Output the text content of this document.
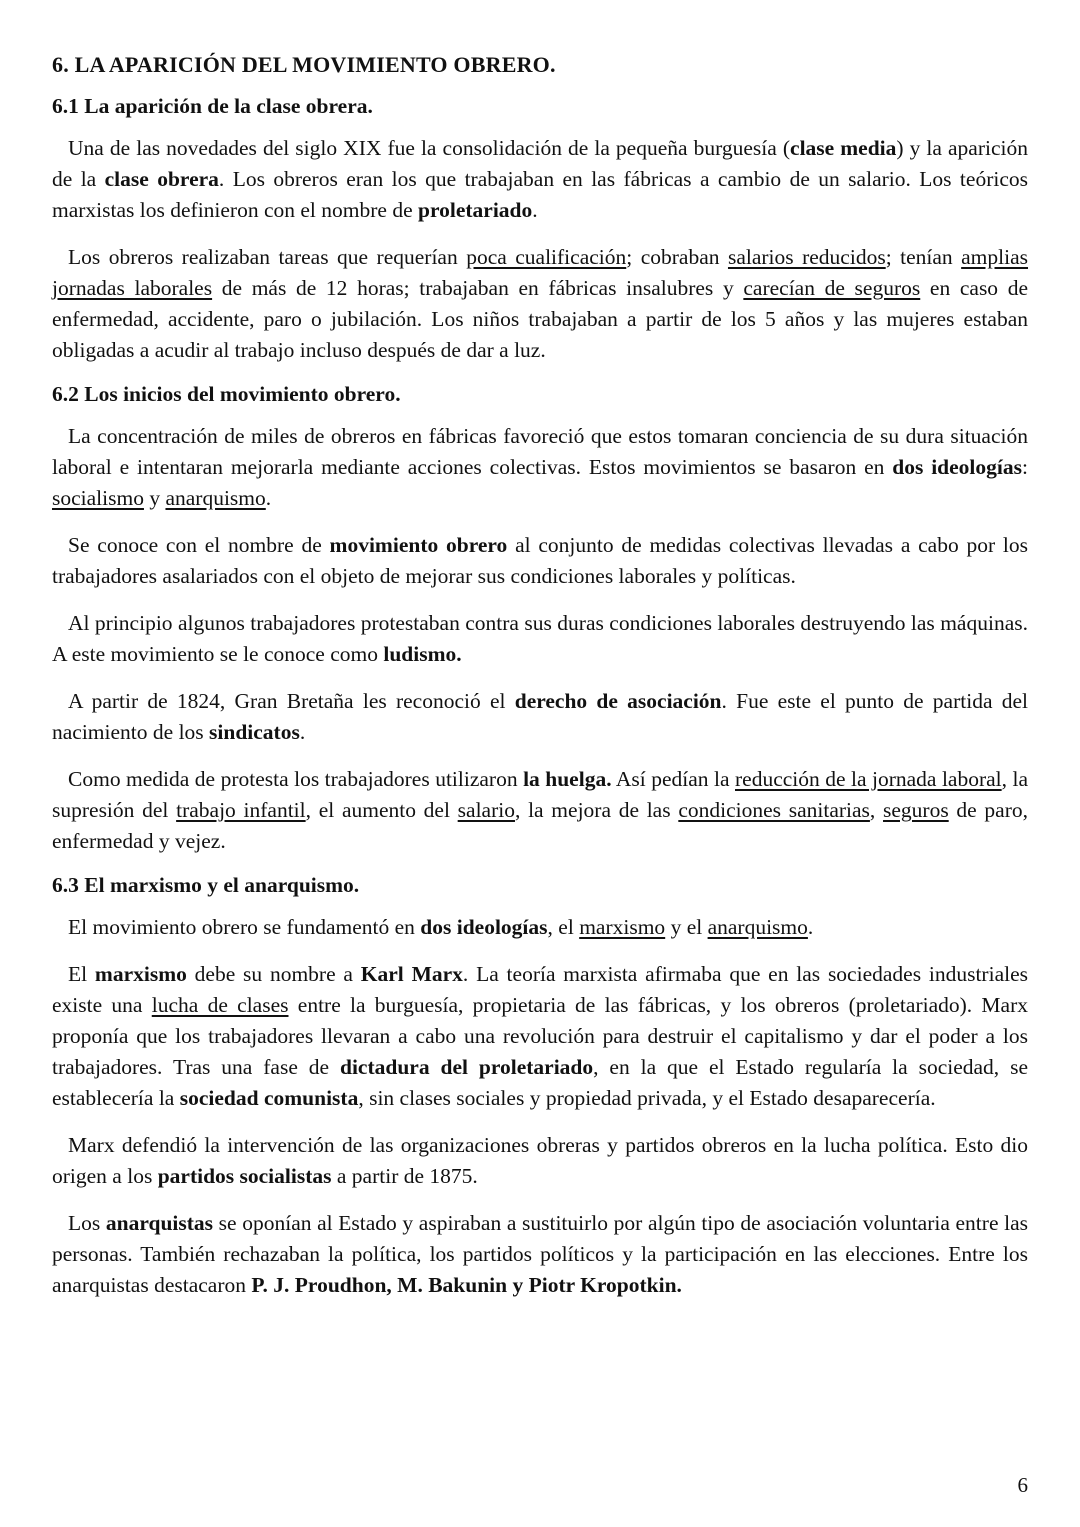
6. LA APARICIÓN DEL MOVIMIENTO OBRERO.
6.1 La aparición de la clase obrera.
Una de las novedades del siglo XIX fue la consolidación de la pequeña burguesía (clase media) y la aparición de la clase obrera. Los obreros eran los que trabajaban en las fábricas a cambio de un salario. Los teóricos marxistas los definieron con el nombre de proletariado.
Los obreros realizaban tareas que requerían poca cualificación; cobraban salarios reducidos; tenían amplias jornadas laborales de más de 12 horas; trabajaban en fábricas insalubres y carecían de seguros en caso de enfermedad, accidente, paro o jubilación. Los niños trabajaban a partir de los 5 años y las mujeres estaban obligadas a acudir al trabajo incluso después de dar a luz.
6.2 Los inicios del movimiento obrero.
La concentración de miles de obreros en fábricas favoreció que estos tomaran conciencia de su dura situación laboral e intentaran mejorarla mediante acciones colectivas. Estos movimientos se basaron en dos ideologías: socialismo y anarquismo.
Se conoce con el nombre de movimiento obrero al conjunto de medidas colectivas llevadas a cabo por los trabajadores asalariados con el objeto de mejorar sus condiciones laborales y políticas.
Al principio algunos trabajadores protestaban contra sus duras condiciones laborales destruyendo las máquinas. A este movimiento se le conoce como ludismo.
A partir de 1824, Gran Bretaña les reconoció el derecho de asociación. Fue este el punto de partida del nacimiento de los sindicatos.
Como medida de protesta los trabajadores utilizaron la huelga. Así pedían la reducción de la jornada laboral, la supresión del trabajo infantil, el aumento del salario, la mejora de las condiciones sanitarias, seguros de paro, enfermedad y vejez.
6.3 El marxismo y el anarquismo.
El movimiento obrero se fundamentó en dos ideologías, el marxismo y el anarquismo.
El marxismo debe su nombre a Karl Marx. La teoría marxista afirmaba que en las sociedades industriales existe una lucha de clases entre la burguesía, propietaria de las fábricas, y los obreros (proletariado). Marx proponía que los trabajadores llevaran a cabo una revolución para destruir el capitalismo y dar el poder a los trabajadores. Tras una fase de dictadura del proletariado, en la que el Estado regularía la sociedad, se establecería la sociedad comunista, sin clases sociales y propiedad privada, y el Estado desaparecería.
Marx defendió la intervención de las organizaciones obreras y partidos obreros en la lucha política. Esto dio origen a los partidos socialistas a partir de 1875.
Los anarquistas se oponían al Estado y aspiraban a sustituirlo por algún tipo de asociación voluntaria entre las personas. También rechazaban la política, los partidos políticos y la participación en las elecciones. Entre los anarquistas destacaron P. J. Proudhon, M. Bakunin y Piotr Kropotkin.
6
